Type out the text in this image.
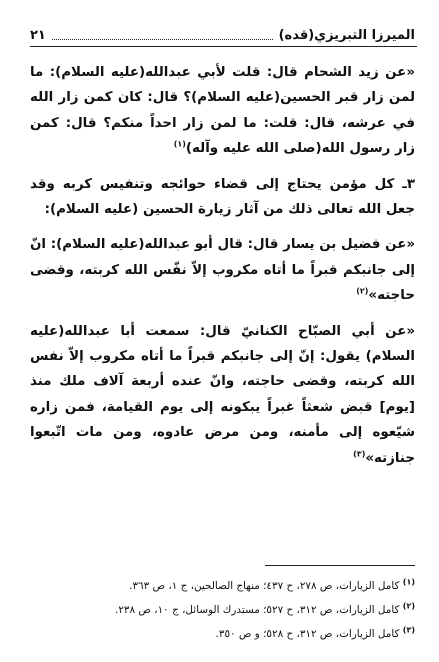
الميرزا التبريزي(قده)
٢١

«عن زيد الشحام قال: قلت لأبي عبدالله(عليه السلام): ما لمن زار قبر الحسين(عليه السلام)؟ قال: كان كمن زار الله في عرشه، قال: قلت: ما لمن زار احداً منكم؟ قال: كمن زار رسول الله(صلى الله عليه وآله)$^{(١)}$

٣ـ كل مؤمن يحتاج إلى قضاء حوائجه وتنفيس كربه وقد جعل الله تعالى ذلك من آثار زيارة الحسين (عليه السلام):

«عن فضيل بن يسار قال: قال أبو عبدالله(عليه السلام): انّ إلى جانبكم قبراً ما أتاه مكروب إلاّ نفّس الله كربته، وقضى حاجته»$^{(٢)}$

«عن أبي الصبّاح الكنانيّ قال: سمعت أبا عبدالله(عليه السلام) يقول: إنّ إلى جانبكم قبراً ما أتاه مكروب إلاّ نفس الله كربته، وقضى حاجته، وانّ عنده أربعة آلاف ملك منذ [يوم] قبض شعثاً غبراً يبكونه إلى يوم القيامة، فمن زاره شيّعوه إلى مأمنه، ومن مرض عادوه، ومن مات اتّبعوا جنازته»$^{(٣)}$

$^{(١)}$ كامل الزيارات، ص ٢٧٨، ح ٤٣٧؛ منهاج الصالحين، ج ١، ص ٣٦٣.
$^{(٢)}$ كامل الزيارات، ص ٣١٢، ح ٥٢٧؛ مستدرك الوسائل، ج ١٠، ص ٢٣٨.
$^{(٣)}$ كامل الزيارات، ص ٣١٢، ح ٥٢٨؛ و ص ٣٥٠.
